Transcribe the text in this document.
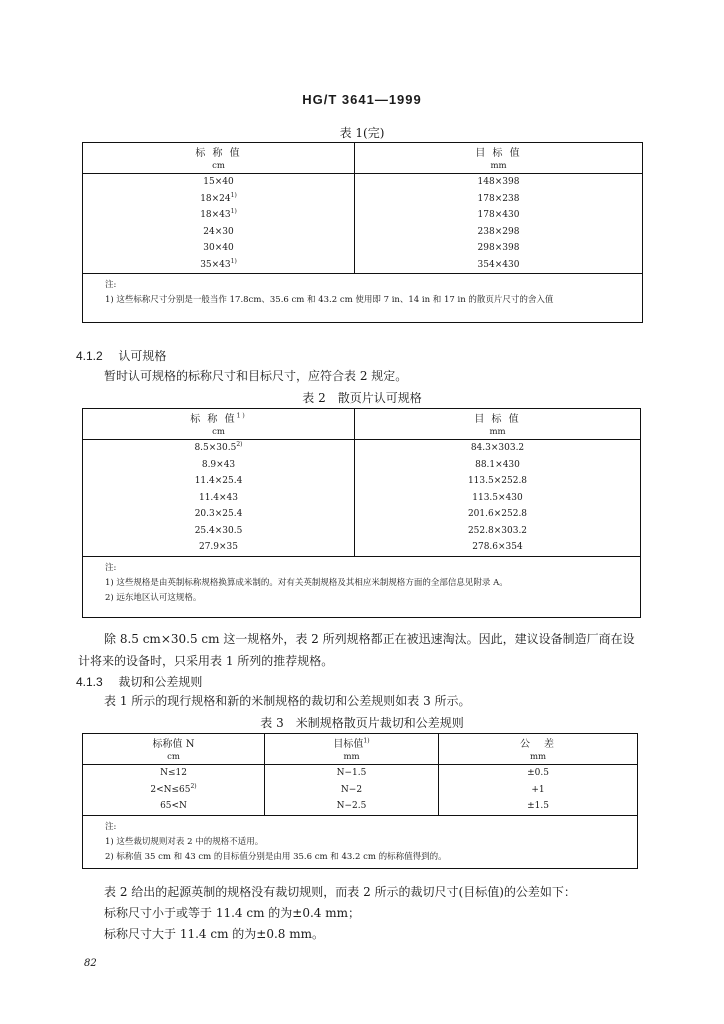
HG/T 3641—1999
表 1(完)
标 称 值	目 标 值
cm	mm
15×40	148×398
$18\times 24^{1)}$	178×238
$18\times 43^{1)}$	178×430
24×30	238×298
30×40	298×398
$35\times 43^{1)}$	354×430

注:
1) 这些标称尺寸分别是一般当作 17.8cm、35.6 cm 和 43.2 cm 使用即 7 in、14 in 和 17 in 的散页片尺寸的舍入值	
4.1.2 认可规格
暂时认可规格的标称尺寸和目标尺寸，应符合表 2 规定。
表 2　散页片认可规格
标 称 值$^{1)}$	目 标 值
cm	mm
$8.5\times 30.5^{2)}$	84.3×303.2
8.9×43	88.1×430
11.4×25.4	113.5×252.8
11.4×43	113.5×430
20.3×25.4	201.6×252.8
25.4×30.5	252.8×303.2
27.9×35	278.6×354

注:
1) 这些规格是由英制标称规格换算成米制的。对有关英制规格及其相应米制规格方面的全部信息见附录 A。
2) 远东地区认可这规格。	
除 8.5 cm×30.5 cm 这一规格外，表 2 所列规格都正在被迅速淘汰。因此，建议设备制造厂商在设
计将来的设备时，只采用表 1 所列的推荐规格。
4.1.3 裁切和公差规则
表 1 所示的现行规格和新的米制规格的裁切和公差规则如表 3 所示。
表 3　米制规格散页片裁切和公差规则
标称值 N	目标值$^{1)}$	公　差
cm	mm	mm
N≤12	N−1.5	±0.5
$2<N\le 65^{2)}$	N−2	+1
65<N	N−2.5	±1.5

注:
1) 这些裁切规则对表 2 中的规格不适用。
2) 标称值 35 cm 和 43 cm 的目标值分别是由用 35.6 cm 和 43.2 cm 的标称值得到的。		
表 2 给出的起源英制的规格没有裁切规则，而表 2 所示的裁切尺寸(目标值)的公差如下：
标称尺寸小于或等于 11.4 cm 的为±0.4 mm；
标称尺寸大于 11.4 cm 的为±0.8 mm。
82
